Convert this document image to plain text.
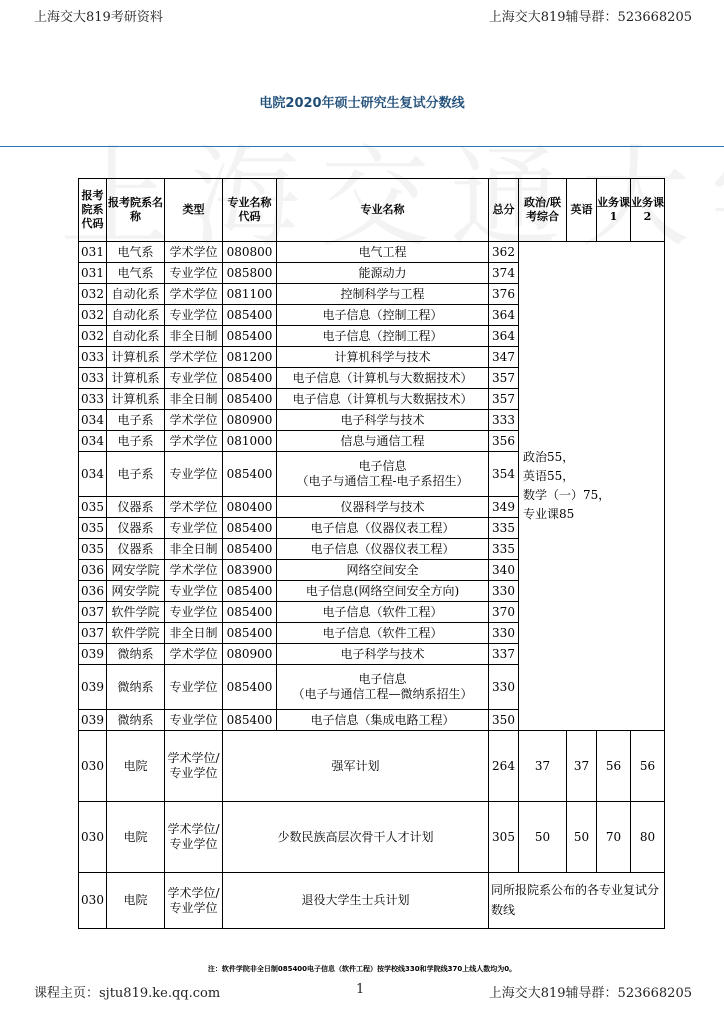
上海交大819考研资料	上海交大819辅导群：523668205
电院2020年硕士研究生复试分数线
报考院系代码	报考院系名称	类型	专业名称代码	专业名称	总分	政治/联考综合	英语	业务课1	业务课2
031	电气系	学术学位	080800	电气工程	362	政治55，
英语55，
数学（一）75，
专业课85			
031	电气系	专业学位	085800	能源动力	374				
032	自动化系	学术学位	081100	控制科学与工程	376				
032	自动化系	专业学位	085400	电子信息（控制工程）	364				
032	自动化系	非全日制	085400	电子信息（控制工程）	364				
033	计算机系	学术学位	081200	计算机科学与技术	347				
033	计算机系	专业学位	085400	电子信息（计算机与大数据技术）	357				
033	计算机系	非全日制	085400	电子信息（计算机与大数据技术）	357				
034	电子系	学术学位	080900	电子科学与技术	333				
034	电子系	学术学位	081000	信息与通信工程	356				
034	电子系	专业学位	085400	电子信息
（电子与通信工程-电子系招生）	354				
035	仪器系	学术学位	080400	仪器科学与技术	349				
035	仪器系	专业学位	085400	电子信息（仪器仪表工程）	335				
035	仪器系	非全日制	085400	电子信息（仪器仪表工程）	335				
036	网安学院	学术学位	083900	网络空间安全	340				
036	网安学院	专业学位	085400	电子信息(网络空间安全方向)	330				
037	软件学院	专业学位	085400	电子信息（软件工程）	370				
037	软件学院	非全日制	085400	电子信息（软件工程）	330				
039	微纳系	学术学位	080900	电子科学与技术	337				
039	微纳系	专业学位	085400	电子信息
（电子与通信工程—微纳系招生）	330				
039	微纳系	专业学位	085400	电子信息（集成电路工程）	350				
030	电院	学术学位/
专业学位	强军计划		264	37	37	56	56
030	电院	学术学位/
专业学位	少数民族高层次骨干人才计划		305	50	50	70	80
030	电院	学术学位/
专业学位	退役大学生士兵计划		同所报院系公布的各专业复试分数线				
注：软件学院非全日制085400电子信息（软件工程）按学校线330和学院线370上线人数均为0。
课程主页：sjtu819.ke.qq.com	1	上海交大819辅导群：523668205
